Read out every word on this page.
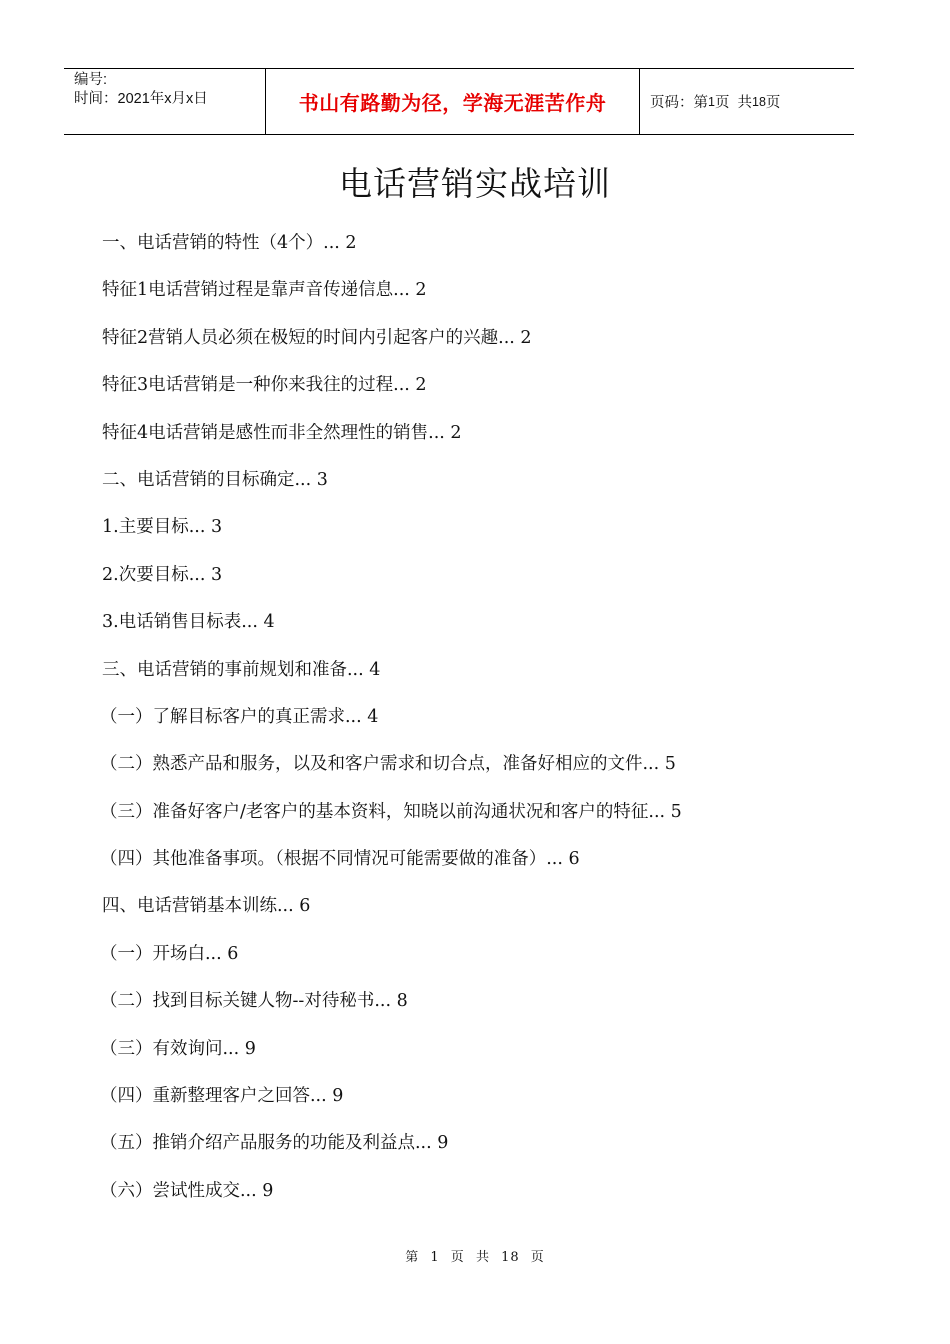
编号:
时间：2021年x月x日	书山有路勤为径，学海无涯苦作舟	页码：第 1 页  共 18 页
电话营销实战培训
一、电话营销的特性（4个）... 2
特征1电话营销过程是靠声音传递信息... 2
特征2营销人员必须在极短的时间内引起客户的兴趣... 2
特征3电话营销是一种你来我往的过程... 2
特征4电话营销是感性而非全然理性的销售... 2
二、电话营销的目标确定... 3
1.主要目标... 3
2.次要目标... 3
3.电话销售目标表... 4
三、电话营销的事前规划和准备... 4
（一）了解目标客户的真正需求... 4
（二）熟悉产品和服务，以及和客户需求和切合点，准备好相应的文件... 5
（三）准备好客户/老客户的基本资料，知晓以前沟通状况和客户的特征... 5
（四）其他准备事项。（根据不同情况可能需要做的准备）... 6
四、电话营销基本训练... 6
（一）开场白... 6
（二）找到目标关键人物--对待秘书... 8
（三）有效询问... 9
（四）重新整理客户之回答... 9
（五）推销介绍产品服务的功能及利益点... 9
（六）尝试性成交... 9
第 1 页 共 18 页
